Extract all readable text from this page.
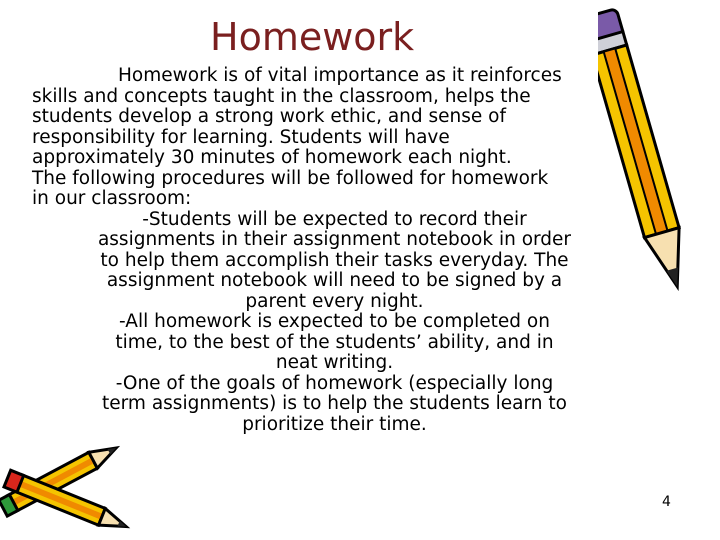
Homework
Homework is of vital importance as it reinforces
skills and concepts taught in the classroom, helps the
students develop a strong work ethic, and sense of
responsibility for learning. Students will have
approximately 30 minutes of homework each night.
The following procedures will be followed for homework
in our classroom:
-Students will be expected to record their
assignments in their assignment notebook in order
to help them accomplish their tasks everyday. The
assignment notebook will need to be signed by a
parent every night.
-All homework is expected to be completed on
time, to the best of the students’ ability, and in
neat writing.
-One of the goals of homework (especially long
term assignments) is to help the students learn to
prioritize their time.
4
